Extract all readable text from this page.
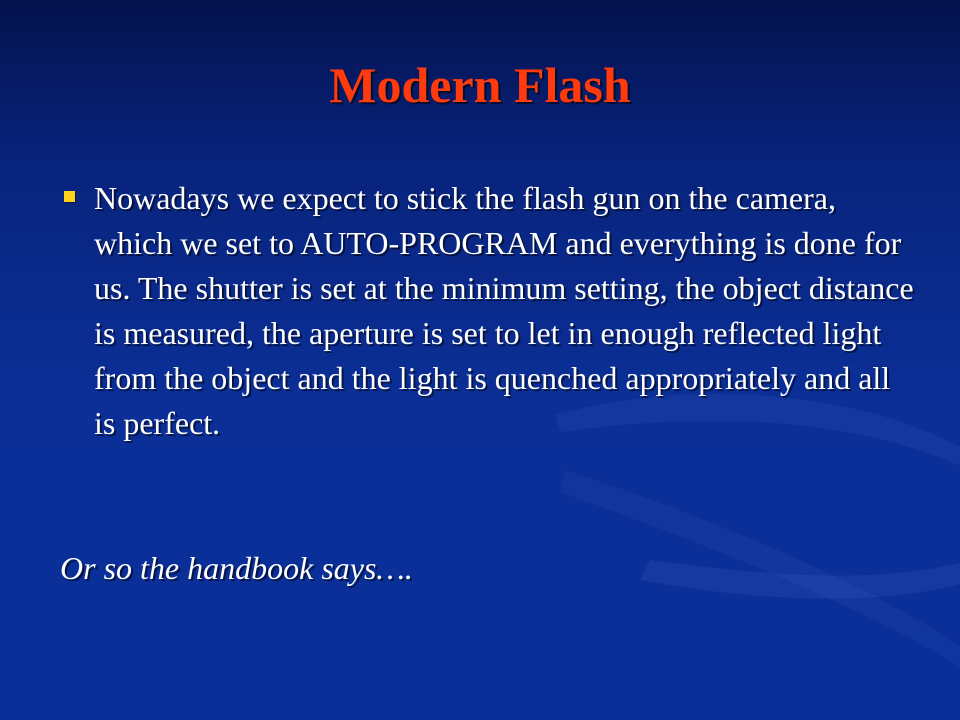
Modern Flash

Nowadays we expect to stick the flash gun on the camera, which we set to AUTO-PROGRAM and everything is done for us. The shutter is set at the minimum setting, the object distance is measured, the aperture is set to let in enough reflected light from the object and the light is quenched appropriately and all is perfect.

Or so the handbook says….
